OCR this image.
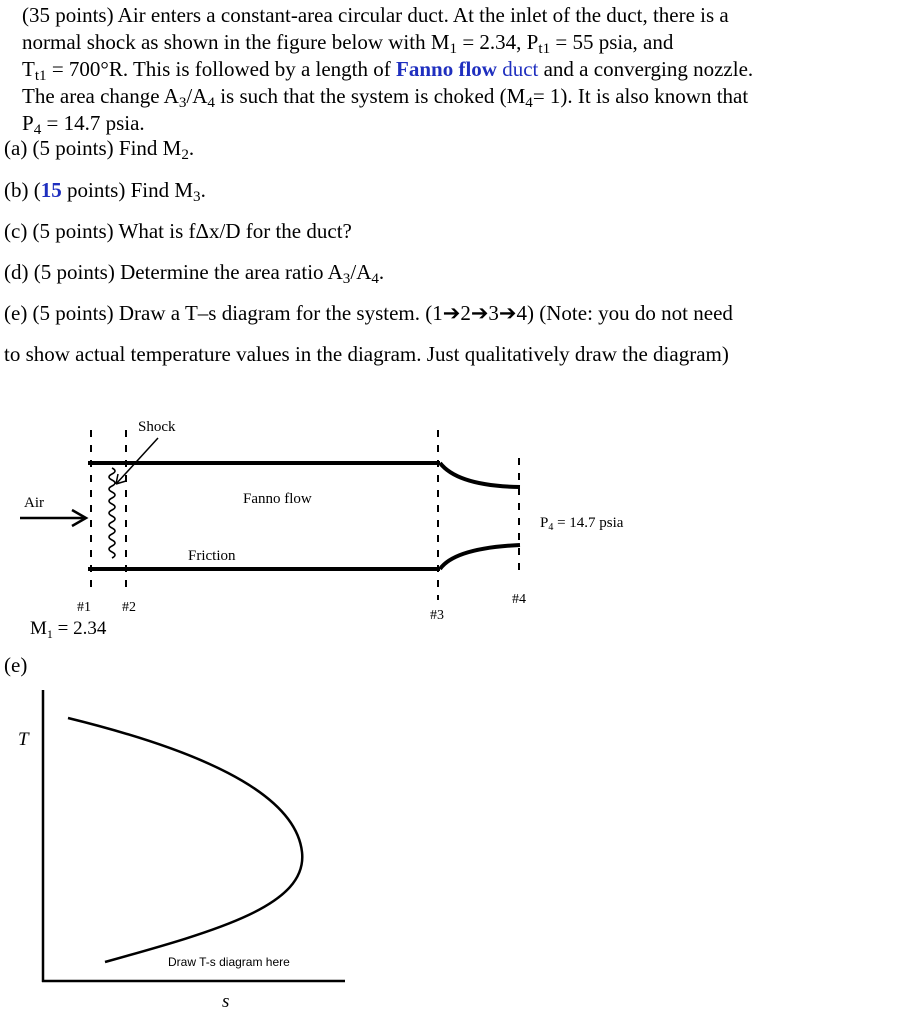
(35 points) Air enters a constant-area circular duct. At the inlet of the duct, there is a

normal shock as shown in the figure below with $M_1 = 2.34$, $P_{t1} = 55$ psia, and

$T_{t1} = 700^\circ R$. This is followed by a length of Fanno flow duct and a converging nozzle.

The area change $A_3/A_4$ is such that the system is choked $(M_4= 1)$. It is also known that

$P_4 = 14.7$ psia.

(a) (5 points) Find $M_2$.
(b) (15 points) Find $M_3$.
(c) (5 points) What is fΔx/D for the duct?
(d) (5 points) Determine the area ratio $A_3/A_4$.
(e) (5 points) Draw a T–s diagram for the system. (1➔2➔3➔4) (Note: you do not need
to show actual temperature values in the diagram. Just qualitatively draw the diagram)
Shock
Air	Fanno flow
Friction
$P_4 = 14.7$ psia
#1 #2
#3
#4
$M_1 = 2.34$
(e)
T
s
Draw T-s diagram here
